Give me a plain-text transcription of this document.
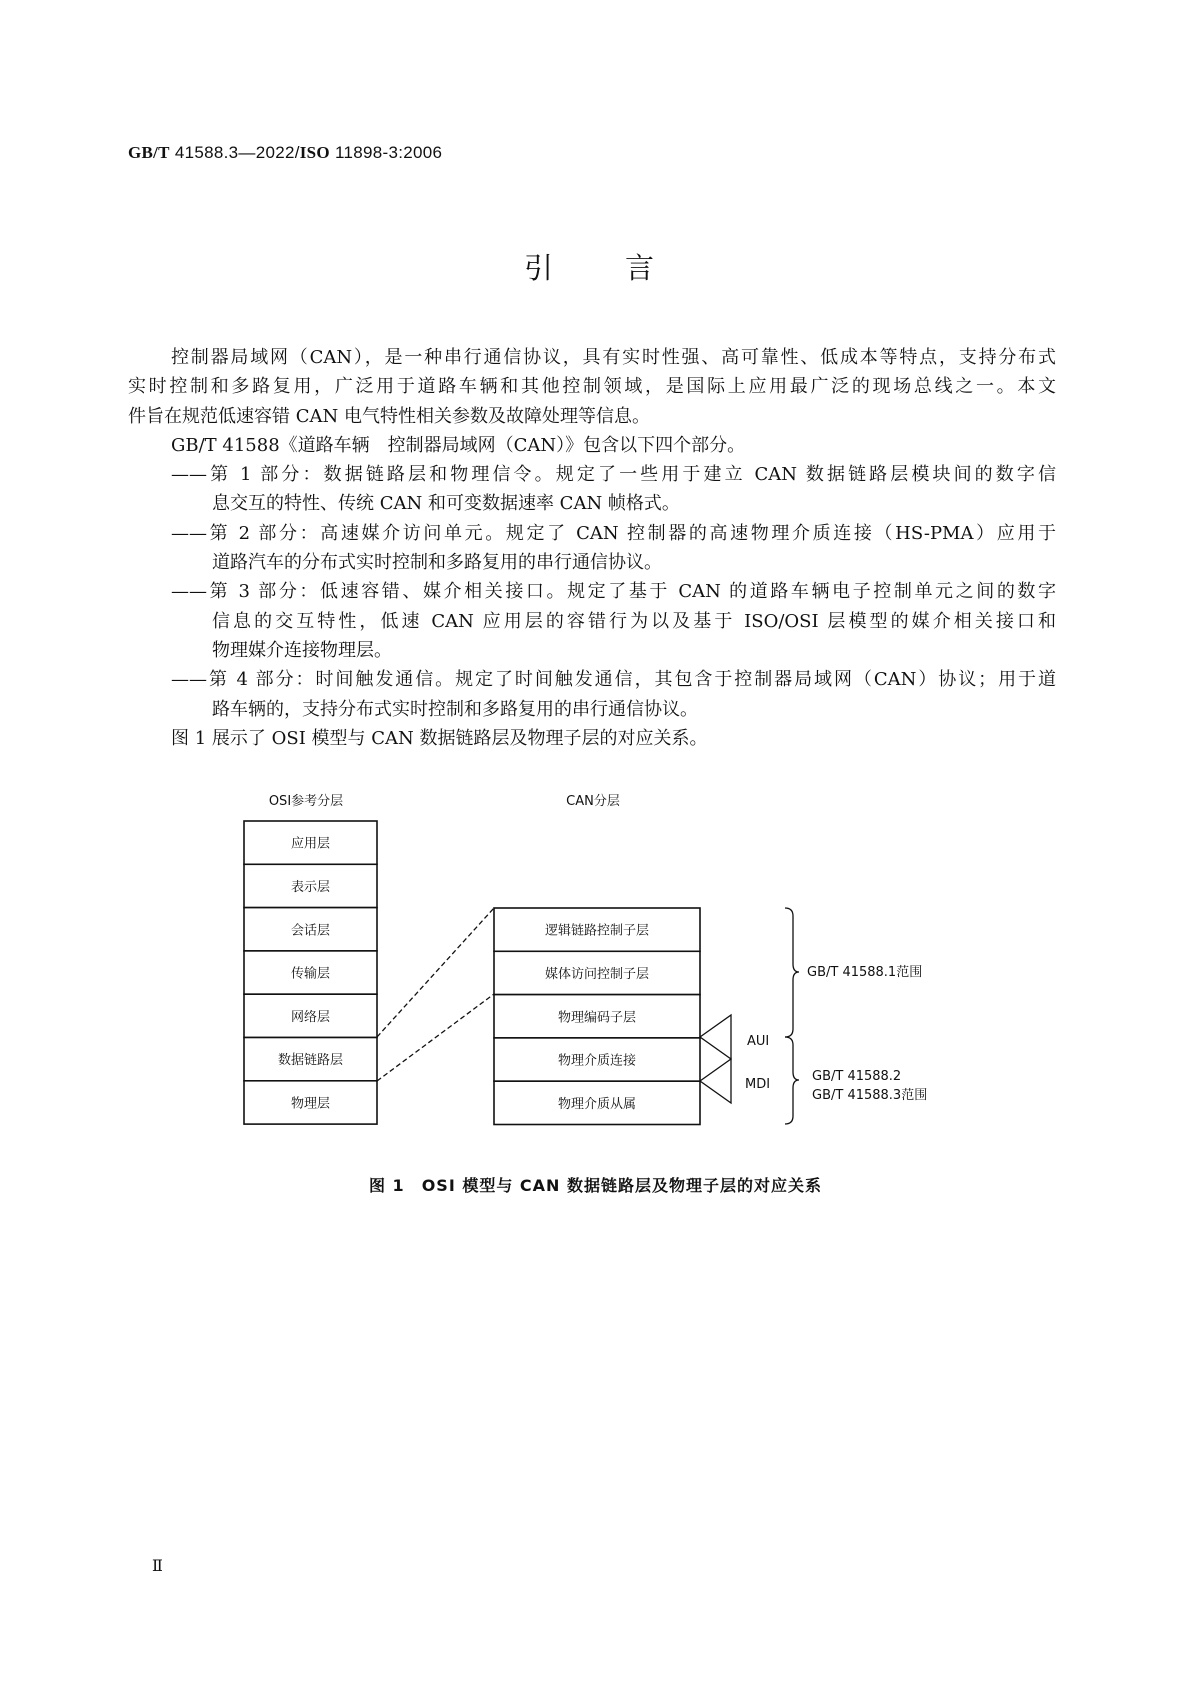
GB/T 41588.3—2022/ISO 11898-3:2006
引 言
控制器局域网（CAN），是一种串行通信协议，具有实时性强、高可靠性、低成本等特点，支持分布式
实时控制和多路复用，广泛用于道路车辆和其他控制领域，是国际上应用最广泛的现场总线之一。本文
件旨在规范低速容错 CAN 电气特性相关参数及故障处理等信息。
GB/T 41588《道路车辆　控制器局域网（CAN）》包含以下四个部分。
——第 1 部分：数据链路层和物理信令。规定了一些用于建立 CAN 数据链路层模块间的数字信
息交互的特性、传统 CAN 和可变数据速率 CAN 帧格式。
——第 2 部分：高速媒介访问单元。规定了 CAN 控制器的高速物理介质连接（HS-PMA）应用于
道路汽车的分布式实时控制和多路复用的串行通信协议。
——第 3 部分：低速容错、媒介相关接口。规定了基于 CAN 的道路车辆电子控制单元之间的数字
信息的交互特性，低速 CAN 应用层的容错行为以及基于 ISO/OSI 层模型的媒介相关接口和
物理媒介连接物理层。
——第 4 部分：时间触发通信。规定了时间触发通信，其包含于控制器局域网（CAN）协议；用于道
路车辆的，支持分布式实时控制和多路复用的串行通信协议。
图 1 展示了 OSI 模型与 CAN 数据链路层及物理子层的对应关系。
OSI参考分层	CAN分层
应用层
表示层
会话层
传输层
网络层
数据链路层
物理层
逻辑链路控制子层
媒体访问控制子层
物理编码子层
物理介质连接
物理介质从属
AUI
MDI
GB/T 41588.1范围
GB/T 41588.2
GB/T 41588.3范围
图 1　OSI 模型与 CAN 数据链路层及物理子层的对应关系
Ⅱ
